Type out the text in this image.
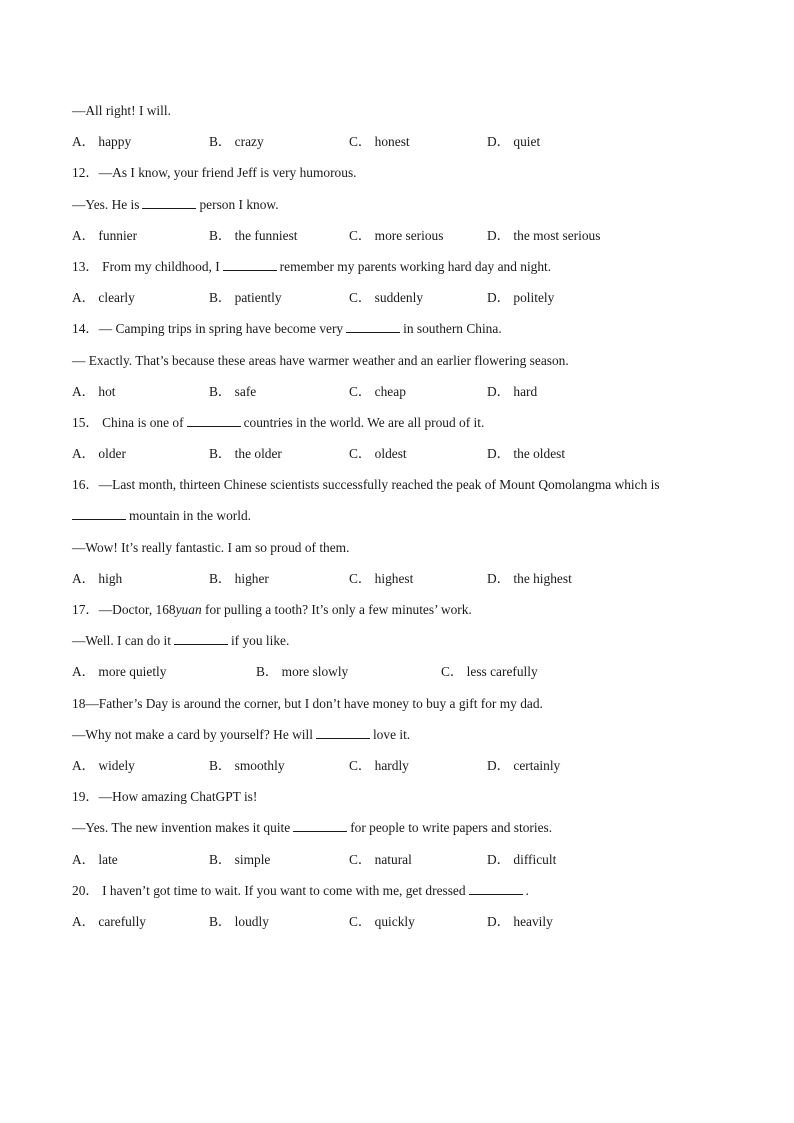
—All right! I will.
A． happy	B． crazy	C． honest	D． quiet
12．—As I know, your friend Jeff is very humorous.
—Yes. He is	person I know.
A． funnier	B． the funniest	C． more serious	D． the most serious
13． From my childhood, I	remember my parents working hard day and night.
A． clearly	B． patiently	C． suddenly	D． politely
14．— Camping trips in spring have become very	in southern China.
— Exactly. That’s because these areas have warmer weather and an earlier flowering season.
A． hot	B． safe	C． cheap	D． hard
15． China is one of	countries in the world. We are all proud of it.
A． older	B． the older	C． oldest	D． the oldest
16．—Last month, thirteen Chinese scientists successfully reached the peak of Mount Qomolangma which is
mountain in the world.
—Wow! It’s really fantastic. I am so proud of them.
A． high	B． higher	C． highest	D． the highest
17．—Doctor, 168yuan for pulling a tooth? It’s only a few minutes’ work.
—Well. I can do it	if you like.
A． more quietly	B． more slowly	C． less carefully
18—Father’s Day is around the corner, but I don’t have money to buy a gift for my dad.
—Why not make a card by yourself? He will	love it.
A． widely	B． smoothly	C． hardly	D． certainly
19．—How amazing ChatGPT is!
—Yes. The new invention makes it quite	for people to write papers and stories.
A． late	B． simple	C． natural	D． difficult
20． I haven’t got time to wait. If you want to come with me, get dressed	.
A． carefully	B． loudly	C． quickly	D． heavily
